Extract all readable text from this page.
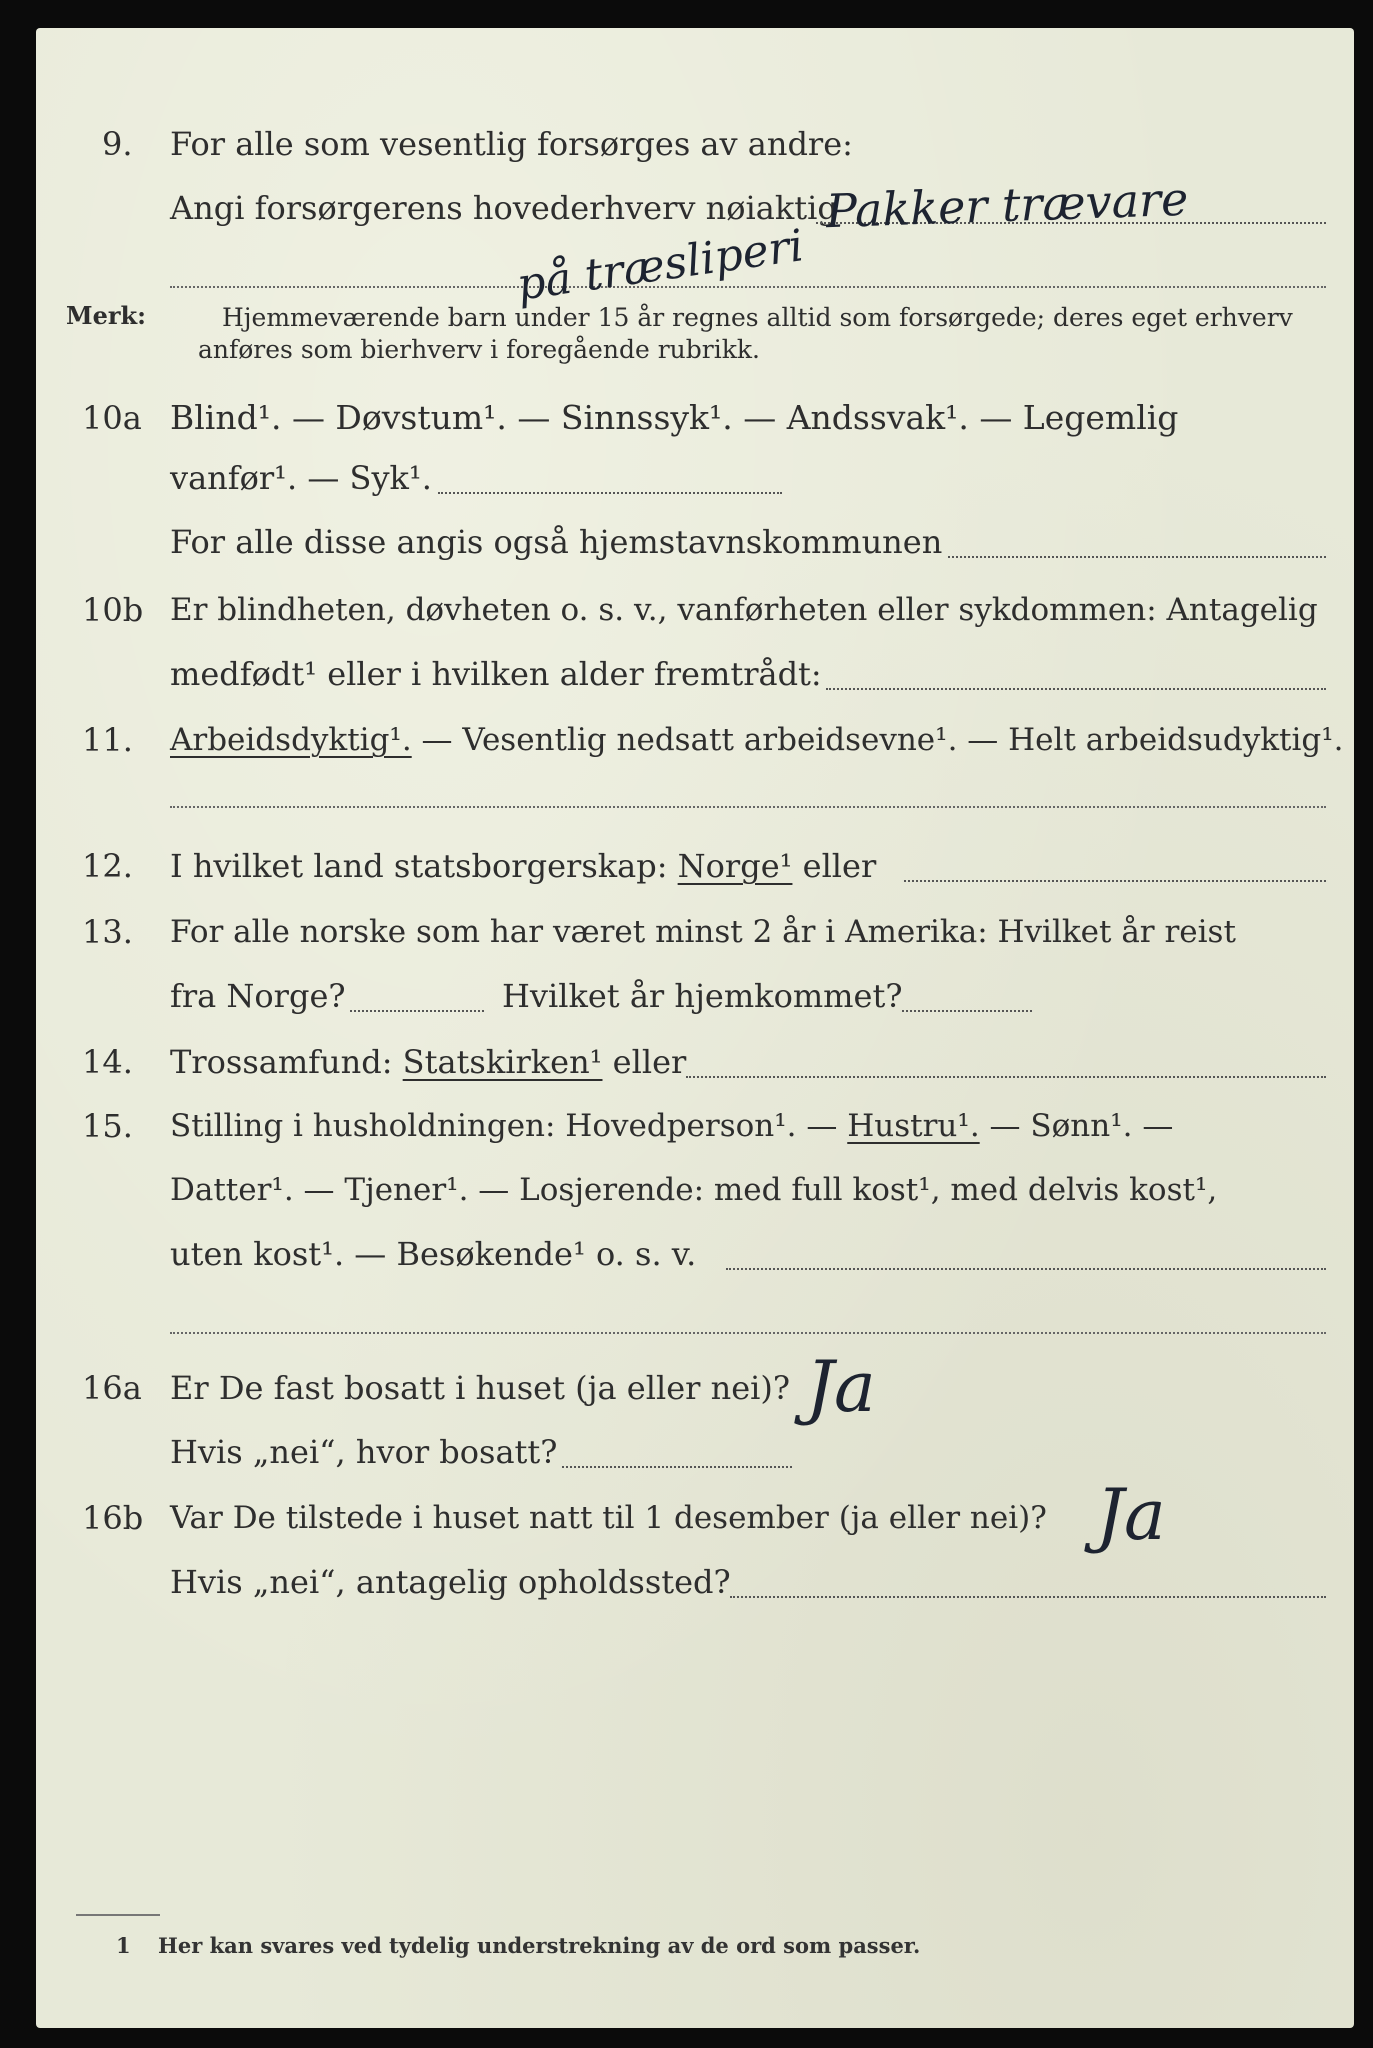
9. For alle som vesentlig forsørges av andre:
Angi forsørgerens hovederhverv nøiaktig
Pakker trævare
på træsliperi
Merk:	Hjemmeværende barn under 15 år regnes alltid som forsørgede; deres eget erhverv
anføres som bierhverv i foregående rubrikk.
10a Blind¹. — Døvstum¹. — Sinnssyk¹. — Andssvak¹. — Legemlig
vanfør¹. — Syk¹.
For alle disse angis også hjemstavnskommunen
10b Er blindheten, døvheten o. s. v., vanførheten eller sykdommen: Antagelig
medfødt¹ eller i hvilken alder fremtrådt:
11. Arbeidsdyktig¹. — Vesentlig nedsatt arbeidsevne¹. — Helt arbeidsudyktig¹.
12. I hvilket land statsborgerskap: Norge¹ eller
13. For alle norske som har været minst 2 år i Amerika: Hvilket år reist
fra Norge?	Hvilket år hjemkommet?
14. Trossamfund: Statskirken¹ eller
15. Stilling i husholdningen: Hovedperson¹. — Hustru¹. — Sønn¹. —
Datter¹. — Tjener¹. — Losjerende: med full kost¹, med delvis kost¹,
uten kost¹. — Besøkende¹ o. s. v.
16a Er De fast bosatt i huset (ja eller nei)? Ja
Hvis „nei“, hvor bosatt?
16b Var De tilstede i huset natt til 1 desember (ja eller nei)? Ja
Hvis „nei“, antagelig opholdssted?
1 Her kan svares ved tydelig understrekning av de ord som passer.
